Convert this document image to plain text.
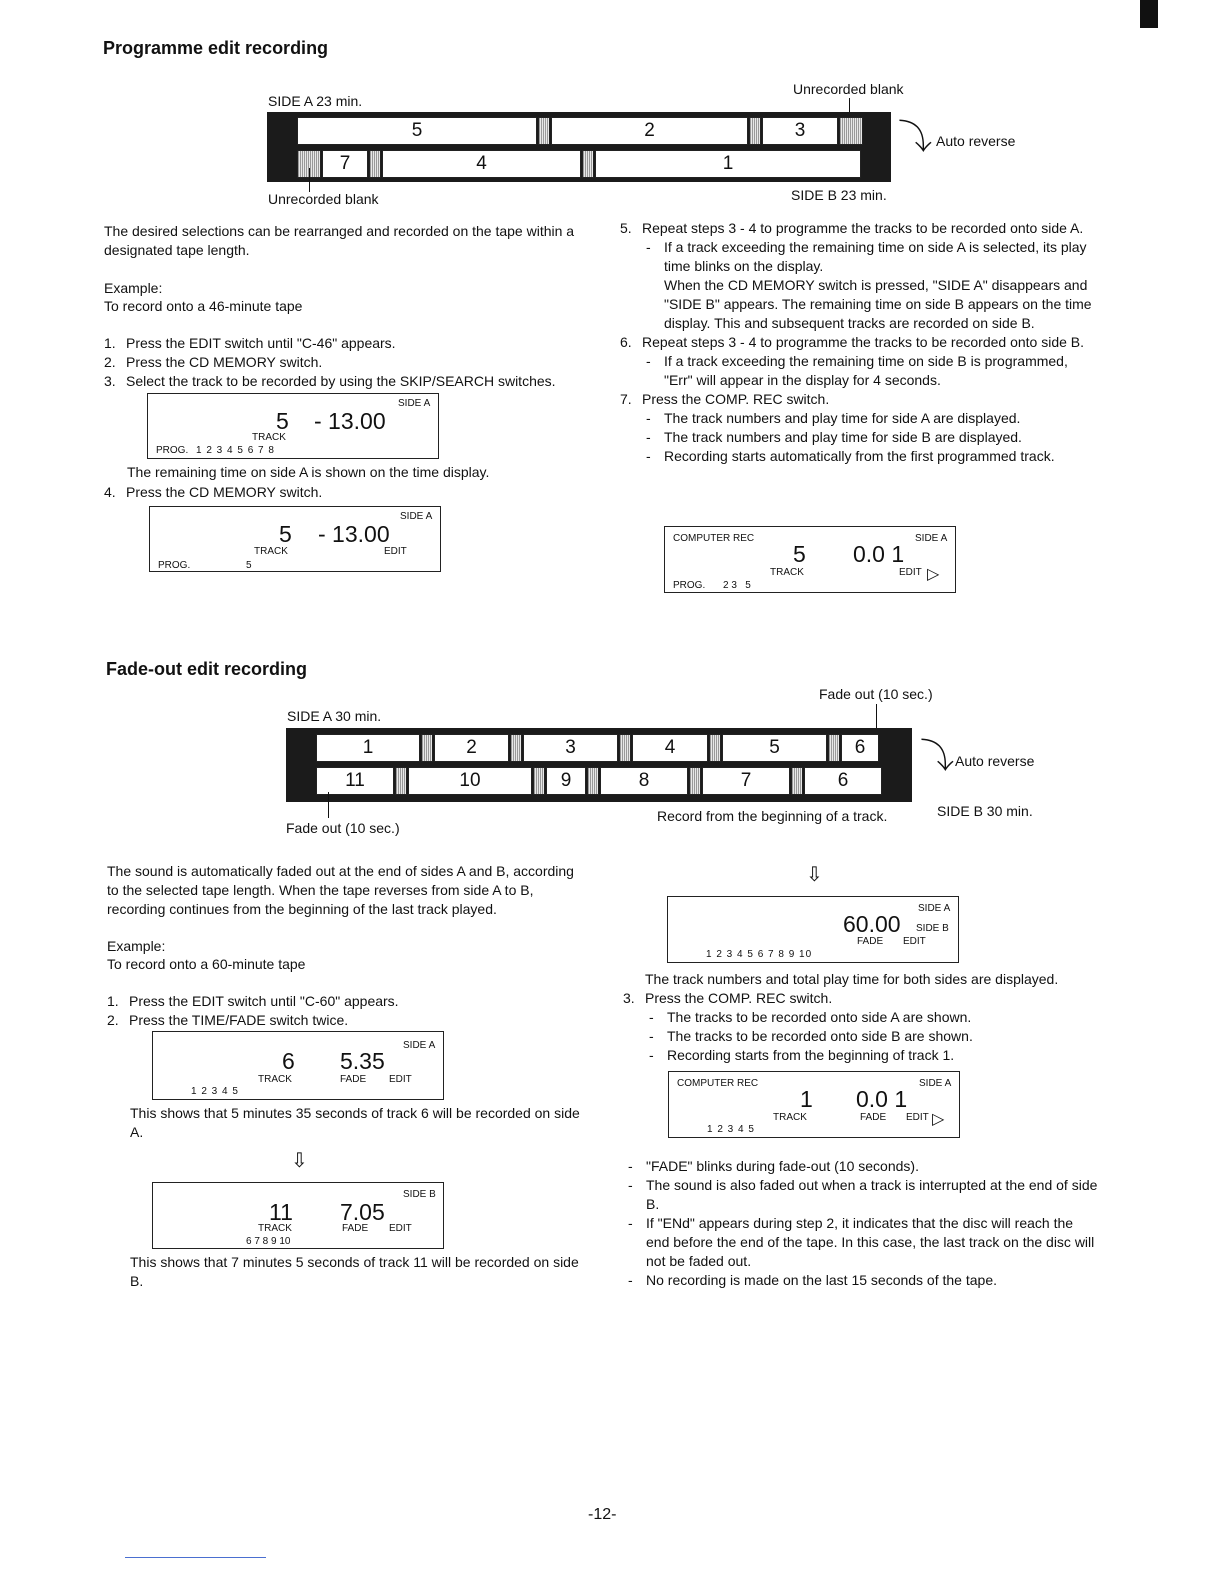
Programme edit recording
SIDE A 23 min.
Unrecorded blank
5	2	3
7	4	1
Unrecorded blank
⤵ Auto reverse
SIDE B 23 min.
The desired selections can be rearranged and recorded on the tape within a designated tape length.
Example:
To record onto a 46-minute tape
1. Press the EDIT switch until "C-46" appears.
2. Press the CD MEMORY switch.
3. Select the track to be recorded by using the SKIP/SEARCH switches.
SIDE A
5 - 13.00
TRACK
PROG. 1 2 3 4 5 6 7 8
The remaining time on side A is shown on the time display.
4. Press the CD MEMORY switch.
SIDE A
5 - 13.00
TRACK	EDIT
PROG.	5
5. Repeat steps 3 - 4 to programme the tracks to be recorded onto side A.
- If a track exceeding the remaining time on side A is selected, its play time blinks on the display.
When the CD MEMORY switch is pressed, "SIDE A" disappears and "SIDE B" appears. The remaining time on side B appears on the time display. This and subsequent tracks are recorded on side B.
6. Repeat steps 3 - 4 to programme the tracks to be recorded onto side B.
- If a track exceeding the remaining time on side B is programmed, "Err" will appear in the display for 4 seconds.
7. Press the COMP. REC switch.
- The track numbers and play time for side A are displayed.
- The track numbers and play time for side B are displayed.
- Recording starts automatically from the first programmed track.
COMPUTER REC	SIDE A
5 0.0 1
TRACK	EDIT ▷
PROG. 2 3   5
Fade-out edit recording
Fade out (10 sec.)
SIDE A 30 min.
1	2	3	4	5	6
11	10	9	8	7	6
Fade out (10 sec.)
Record from the beginning of a track.
⤵ Auto reverse
SIDE B 30 min.
The sound is automatically faded out at the end of sides A and B, according to the selected tape length. When the tape reverses from side A to B, recording continues from the beginning of the last track played.
Example:
To record onto a 60-minute tape
1. Press the EDIT switch until "C-60" appears.
2. Press the TIME/FADE switch twice.
SIDE A
6 5.35
TRACK	FADE EDIT
1 2 3 4 5
This shows that 5 minutes 35 seconds of track 6 will be recorded on side A.
⇩
SIDE B
11 7.05
TRACK	FADE EDIT
6 7 8 9 10
This shows that 7 minutes 5 seconds of track 11 will be recorded on side B.
⇩
SIDE A
60.00 SIDE B
FADE EDIT
1 2 3 4 5 6 7 8 9 10
The track numbers and total play time for both sides are displayed.
3. Press the COMP. REC switch.
- The tracks to be recorded onto side A are shown.
- The tracks to be recorded onto side B are shown.
- Recording starts from the beginning of track 1.
COMPUTER REC	SIDE A
1 0.0 1
TRACK	FADE EDIT ▷
1 2 3 4 5
- "FADE" blinks during fade-out (10 seconds).
- The sound is also faded out when a track is interrupted at the end of side B.
- If "ENd" appears during step 2, it indicates that the disc will reach the end before the end of the tape. In this case, the last track on the disc will not be faded out.
- No recording is made on the last 15 seconds of the tape.
-12-
